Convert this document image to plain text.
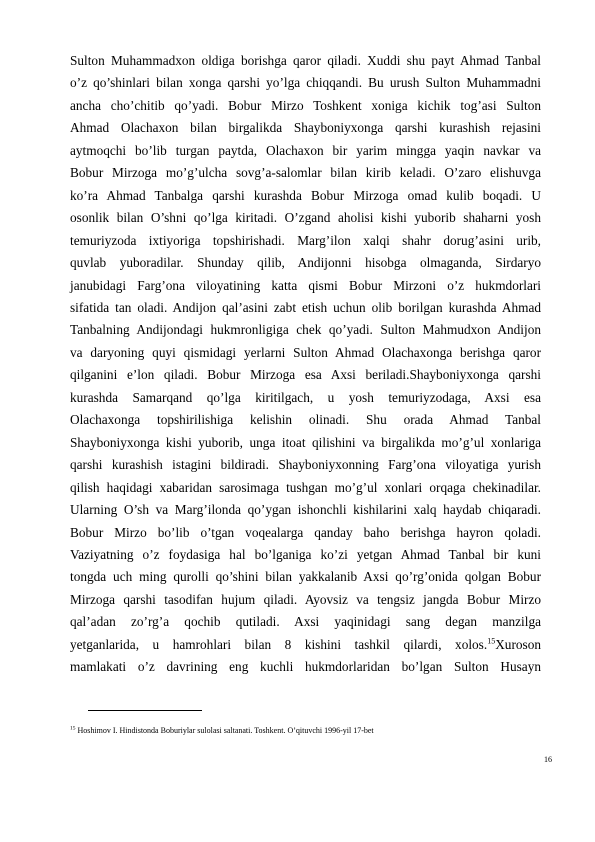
Sulton Muhammadxon oldiga borishga qaror qiladi. Xuddi shu payt Ahmad Tanbal
o’z qo’shinlari bilan xonga qarshi yo’lga chiqqandi. Bu urush Sulton Muhammadni
ancha cho’chitib qo’yadi. Bobur Mirzo Toshkent xoniga kichik tog’asi Sulton
Ahmad Olachaxon bilan birgalikda Shayboniyxonga qarshi kurashish rejasini
aytmoqchi bo’lib turgan paytda, Olachaxon bir yarim mingga yaqin navkar va
Bobur Mirzoga mo’g’ulcha sovg’a-salomlar bilan kirib keladi. O’zaro elishuvga
ko’ra Ahmad Tanbalga qarshi kurashda Bobur Mirzoga omad kulib boqadi. U
osonlik bilan O’shni qo’lga kiritadi. O’zgand aholisi kishi yuborib shaharni yosh
temuriyzoda ixtiyoriga topshirishadi. Marg’ilon xalqi shahr dorug’asini urib,
quvlab yuboradilar. Shunday qilib, Andijonni hisobga olmaganda, Sirdaryo
janubidagi Farg’ona viloyatining katta qismi Bobur Mirzoni o’z hukmdorlari
sifatida tan oladi. Andijon qal’asini zabt etish uchun olib borilgan kurashda Ahmad
Tanbalning Andijondagi hukmronligiga chek qo’yadi. Sulton Mahmudxon Andijon
va daryoning quyi qismidagi yerlarni Sulton Ahmad Olachaxonga berishga qaror
qilganini e’lon qiladi. Bobur Mirzoga esa Axsi beriladi.Shayboniyxonga qarshi
kurashda Samarqand qo’lga kiritilgach, u yosh temuriyzodaga, Axsi esa
Olachaxonga topshirilishiga kelishin olinadi. Shu orada Ahmad Tanbal
Shayboniyxonga kishi yuborib, unga itoat qilishini va birgalikda mo’g’ul xonlariga
qarshi kurashish istagini bildiradi. Shayboniyxonning Farg’ona viloyatiga yurish
qilish haqidagi xabaridan sarosimaga tushgan mo’g’ul xonlari orqaga chekinadilar.
Ularning O’sh va Marg’ilonda qo’ygan ishonchli kishilarini xalq haydab chiqaradi.
Bobur Mirzo bo’lib o’tgan voqealarga qanday baho berishga hayron qoladi.
Vaziyatning o’z foydasiga hal bo’lganiga ko’zi yetgan Ahmad Tanbal bir kuni
tongda uch ming qurolli qo’shini bilan yakkalanib Axsi qo’rg’onida qolgan Bobur
Mirzoga qarshi tasodifan hujum qiladi. Ayovsiz va tengsiz jangda Bobur Mirzo
qal’adan zo’rg’a qochib qutiladi. Axsi yaqinidagi sang degan manzilga
yetganlarida, u hamrohlari bilan 8 kishini tashkil qilardi, xolos.$^{15}$Xuroson
mamlakati o’z davrining eng kuchli hukmdorlaridan bo’lgan Sulton Husayn

$^{15}$ Hoshimov I. Hindistonda Boburiylar sulolasi saltanati. Toshkent. O’qituvchi 1996-yil 17-bet
16
